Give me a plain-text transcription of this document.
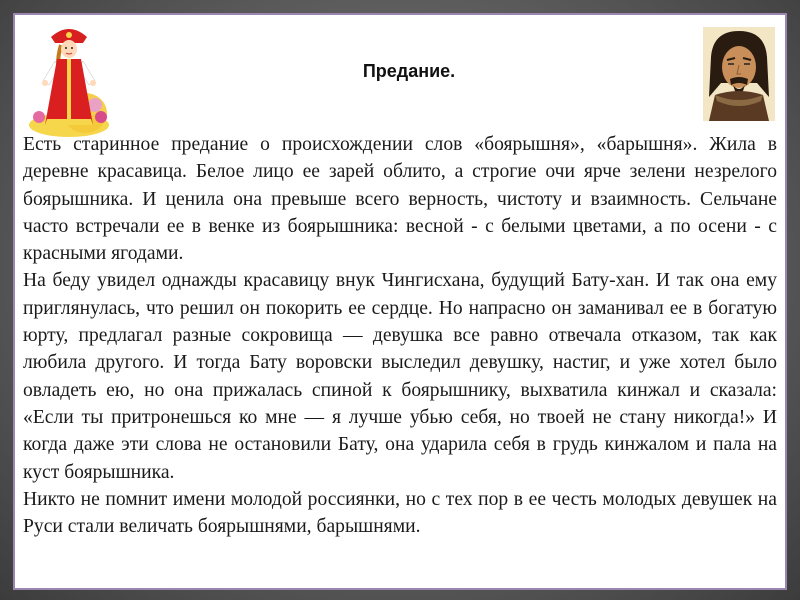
Предание.

Есть старинное предание о происхождении слов «боярышня», «барышня». Жила в деревне красавица. Белое лицо ее зарей облито, а строгие очи ярче зелени незрелого боярышника. И ценила она превыше всего верность, чистоту и взаимность. Сельчане часто встречали ее в венке из боярышника: весной - с белыми цветами, а по осени - с красными ягодами.

На беду увидел однажды красавицу внук Чингисхана, будущий Бату-хан. И так она ему приглянулась, что решил он покорить ее сердце. Но напрасно он заманивал ее в богатую юрту, предлагал разные сокровища — девушка все равно отвечала отказом, так как любила другого. И тогда Бату воровски выследил девушку, настиг, и уже хотел было овладеть ею, но она прижалась спиной к боярышнику, выхватила кинжал и сказала: «Если ты притронешься ко мне — я лучше убью себя, но твоей не стану никогда!» И когда даже эти слова не остановили Бату, она ударила себя в грудь кинжалом и пала на куст боярышника.

Никто не помнит имени молодой россиянки, но с тех пор в ее честь молодых девушек на Руси стали величать боярышнями, барышнями.
